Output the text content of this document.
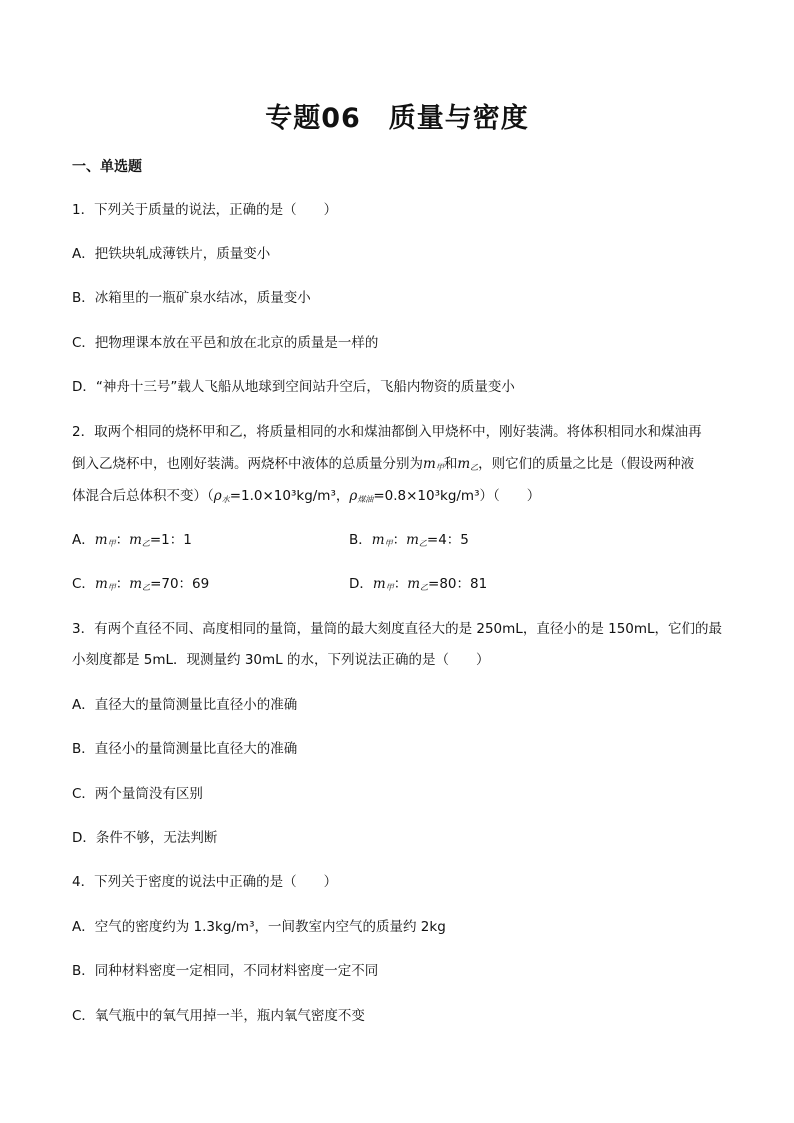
专题06　质量与密度
一、单选题
1．下列关于质量的说法，正确的是（　　）
A．把铁块轧成薄铁片，质量变小
B．冰箱里的一瓶矿泉水结冰，质量变小
C．把物理课本放在平邑和放在北京的质量是一样的
D．“神舟十三号”载人飞船从地球到空间站升空后，飞船内物资的质量变小
2．取两个相同的烧杯甲和乙，将质量相同的水和煤油都倒入甲烧杯中，刚好装满。将体积相同水和煤油再
倒入乙烧杯中，也刚好装满。两烧杯中液体的总质量分别为$m_甲$和$m_乙$，则它们的质量之比是（假设两种液
体混合后总体积不变）（$\rho_水=1.0\times 10^3kg/m^3$，$\rho_{煤油}=0.8\times 10^3kg/m^3$）（　　）
A．$m_甲$：$m_乙=1$：1	B．$m_甲$：$m_乙=4$：5
C．$m_甲$：$m_乙=70$：69	D．$m_甲$：$m_乙=80$：81
3．有两个直径不同、高度相同的量筒，量筒的最大刻度直径大的是 250mL，直径小的是 150mL，它们的最
小刻度都是 5mL．现测量约 30mL 的水，下列说法正确的是（　　）
A．直径大的量筒测量比直径小的准确
B．直径小的量筒测量比直径大的准确
C．两个量筒没有区别
D．条件不够，无法判断
4．下列关于密度的说法中正确的是（　　）
A．空气的密度约为 1.3kg/m³，一间教室内空气的质量约 2kg
B．同种材料密度一定相同，不同材料密度一定不同
C．氧气瓶中的氧气用掉一半，瓶内氧气密度不变
